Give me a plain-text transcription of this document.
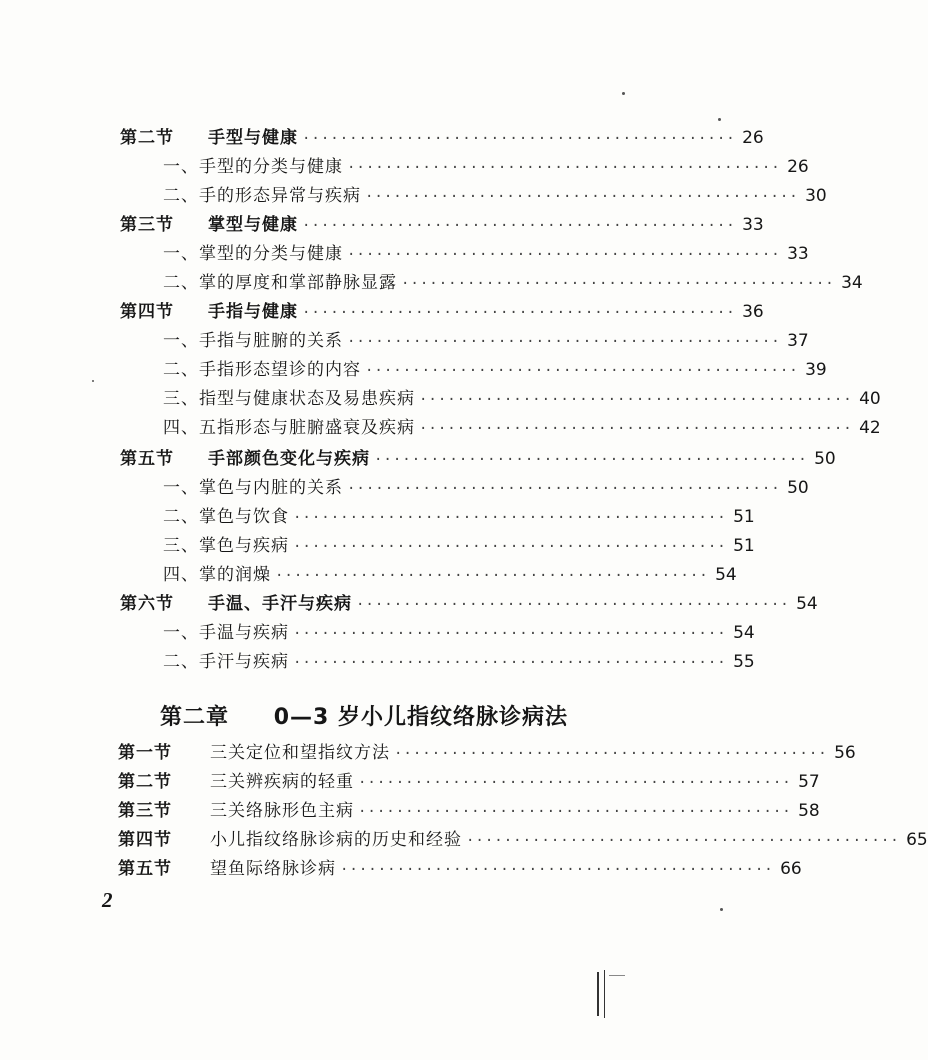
第二节	手型与健康 ·············································· 26
一、手型的分类与健康 ·············································· 26
二、手的形态异常与疾病 ·············································· 30
第三节	掌型与健康 ·············································· 33
一、掌型的分类与健康 ·············································· 33
二、掌的厚度和掌部静脉显露 ·············································· 34
第四节	手指与健康 ·············································· 36
一、手指与脏腑的关系 ·············································· 37
二、手指形态望诊的内容 ·············································· 39
三、指型与健康状态及易患疾病 ·············································· 40
四、五指形态与脏腑盛衰及疾病 ·············································· 42
第五节	手部颜色变化与疾病 ·············································· 50
一、掌色与内脏的关系 ·············································· 50
二、掌色与饮食 ·············································· 51
三、掌色与疾病 ·············································· 51
四、掌的润燥 ·············································· 54
第六节	手温、手汗与疾病 ·············································· 54
一、手温与疾病 ·············································· 54
二、手汗与疾病 ·············································· 55
第二章 0—3 岁小儿指纹络脉诊病法
第一节	三关定位和望指纹方法 ·············································· 56
第二节	三关辨疾病的轻重 ·············································· 57
第三节	三关络脉形色主病 ·············································· 58
第四节	小儿指纹络脉诊病的历史和经验 ·············································· 65
第五节	望鱼际络脉诊病 ·············································· 66
2
